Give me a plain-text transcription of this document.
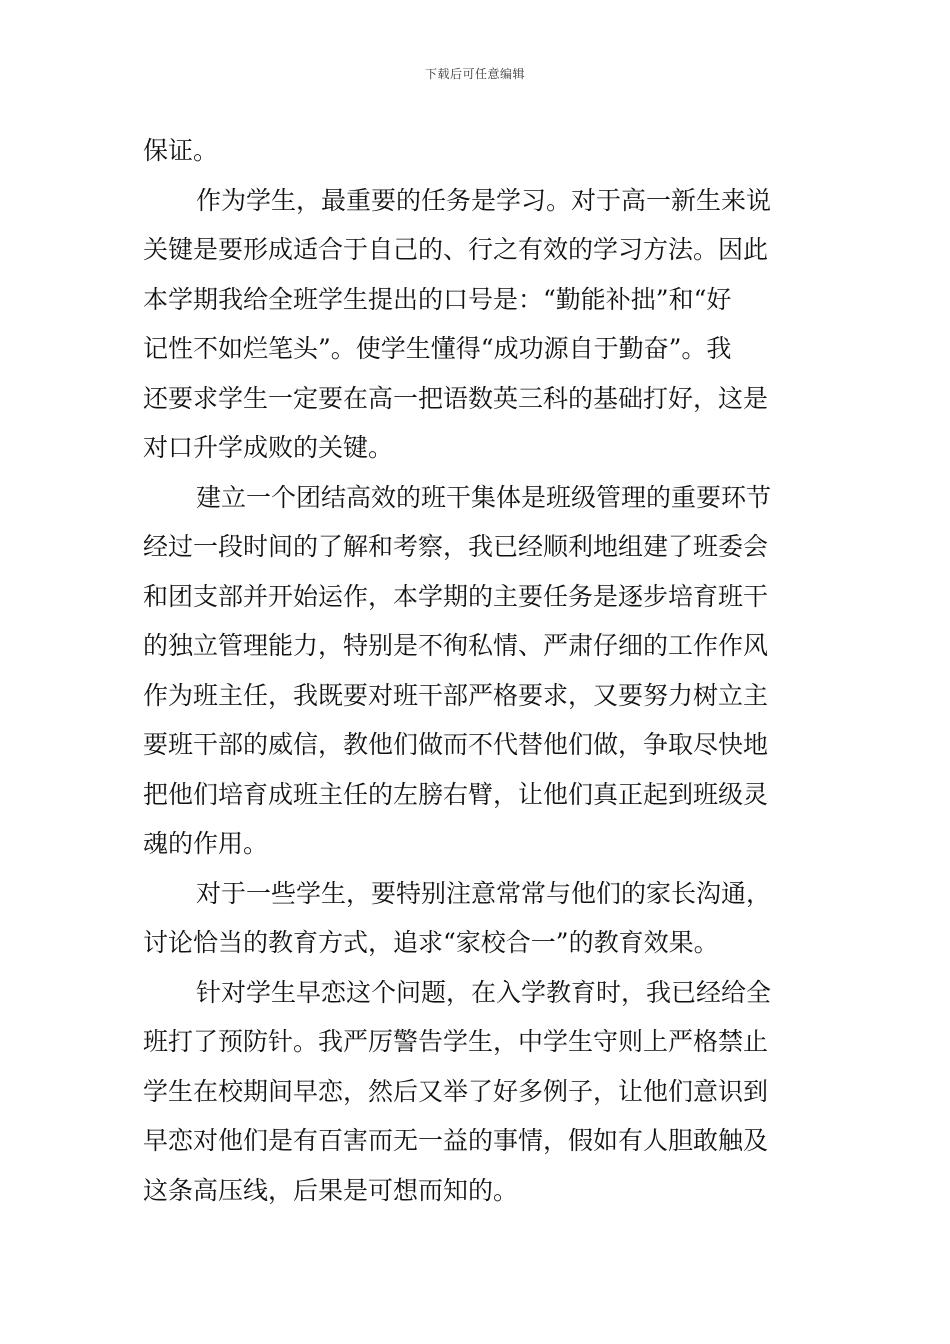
下载后可任意编辑
保证。
作为学生，最重要的任务是学习。对于高一新生来说
关键是要形成适合于自己的、行之有效的学习方法。因此
本学期我给全班学生提出的口号是：“勤能补拙”和“好
记性不如烂笔头”。使学生懂得“成功源自于勤奋”。我
还要求学生一定要在高一把语数英三科的基础打好，这是
对口升学成败的关键。
建立一个团结高效的班干集体是班级管理的重要环节
经过一段时间的了解和考察，我已经顺利地组建了班委会
和团支部并开始运作，本学期的主要任务是逐步培育班干
的独立管理能力，特别是不徇私情、严肃仔细的工作作风
作为班主任，我既要对班干部严格要求，又要努力树立主
要班干部的威信，教他们做而不代替他们做，争取尽快地
把他们培育成班主任的左膀右臂，让他们真正起到班级灵
魂的作用。
对于一些学生，要特别注意常常与他们的家长沟通，
讨论恰当的教育方式，追求“家校合一”的教育效果。
针对学生早恋这个问题，在入学教育时，我已经给全
班打了预防针。我严厉警告学生，中学生守则上严格禁止
学生在校期间早恋，然后又举了好多例子，让他们意识到
早恋对他们是有百害而无一益的事情，假如有人胆敢触及
这条高压线，后果是可想而知的。
